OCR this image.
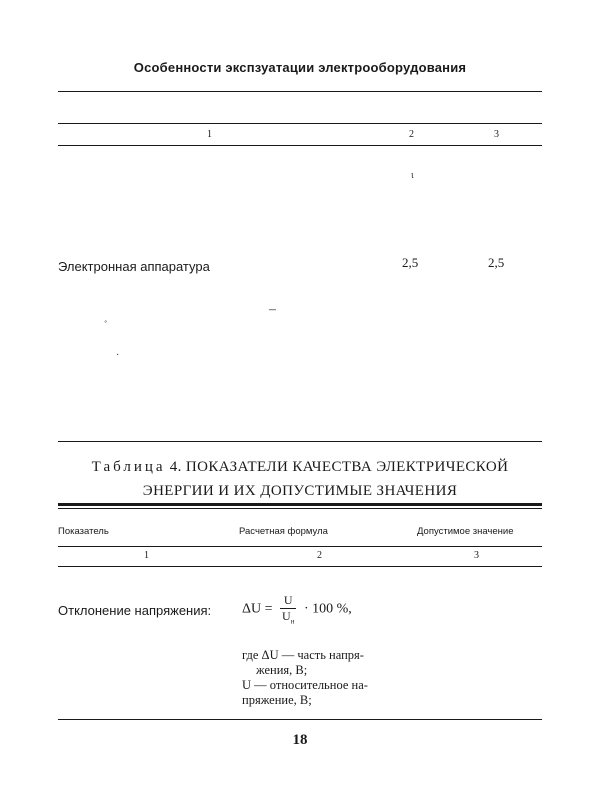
Особенности экспзуатации электрооборудования
1	2	3
ɩ
Электронная аппаратура	2,5	2,5
–
˳
·
Таблица 4. ПОКАЗАТЕЛИ КАЧЕСТВА ЭЛЕКТРИЧЕСКОЙ
ЭНЕРГИИ И ИХ ДОПУСТИМЫЕ ЗНАЧЕНИЯ
Показатель	Расчетная формула	Допустимое значение
1	2	3
Отклонение напряжения: $\Delta U = \frac{U}{U_н} \cdot 100$ %,
где ΔU — часть напря-
жения, В;
U — относительное на-
пряжение, В;
18
